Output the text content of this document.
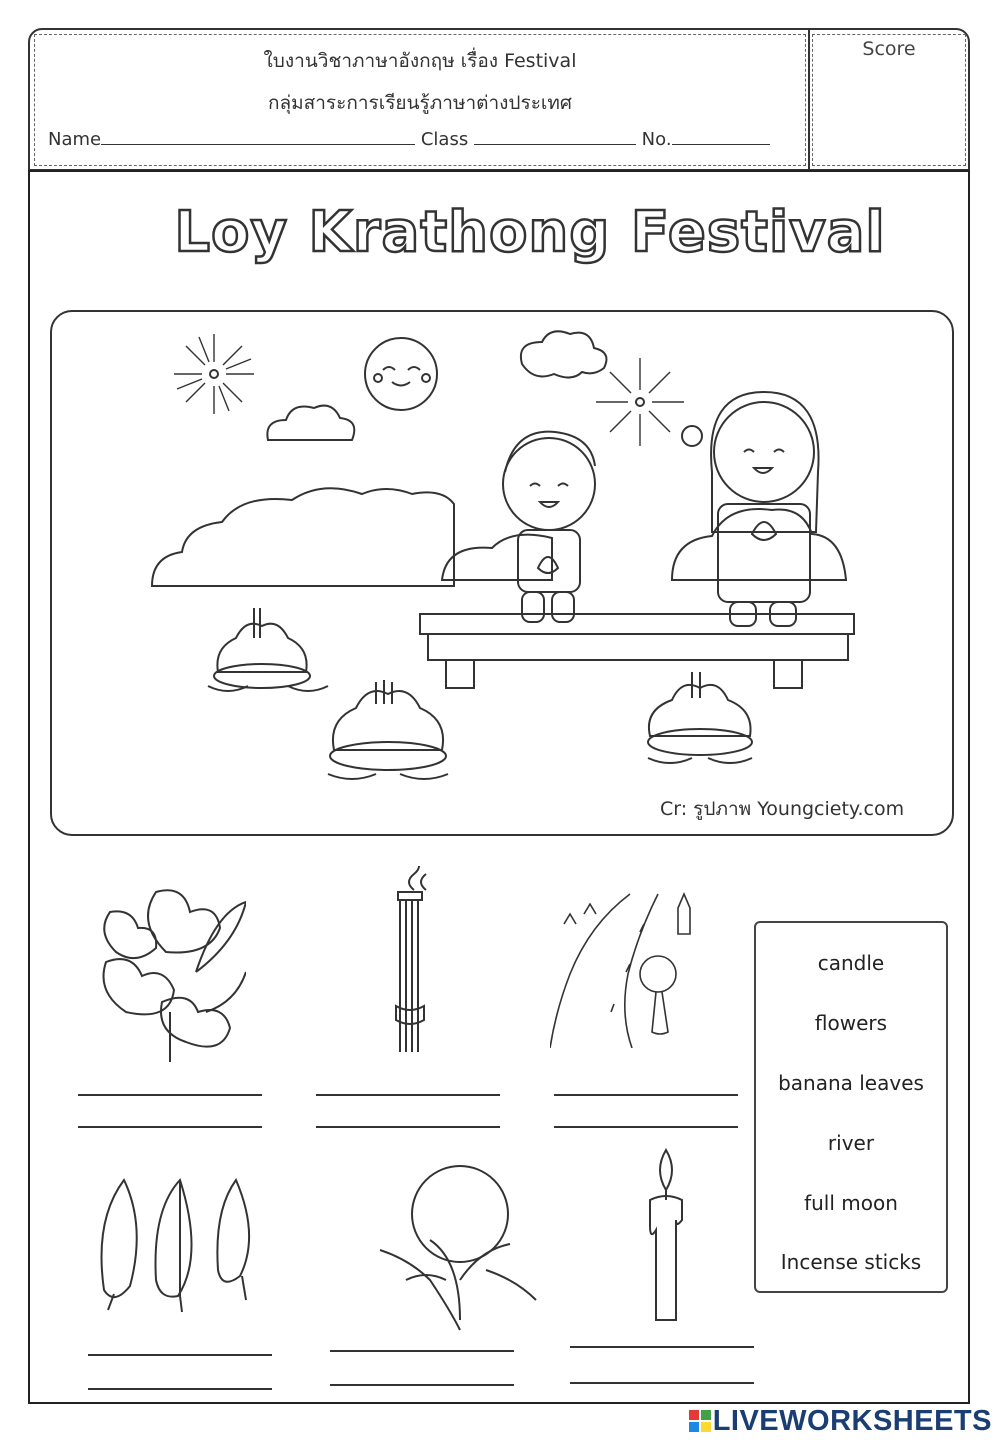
ใบงานวิชาภาษาอังกฤษ เรื่อง Festival
กลุ่มสาระการเรียนรู้ภาษาต่างประเทศ
Score
Name	Class	No.
Loy Krathong Festival
Cr: รูปภาพ Youngciety.com
candle
flowers
banana leaves
river
full moon
Incense sticks
LIVEWORKSHEETS
